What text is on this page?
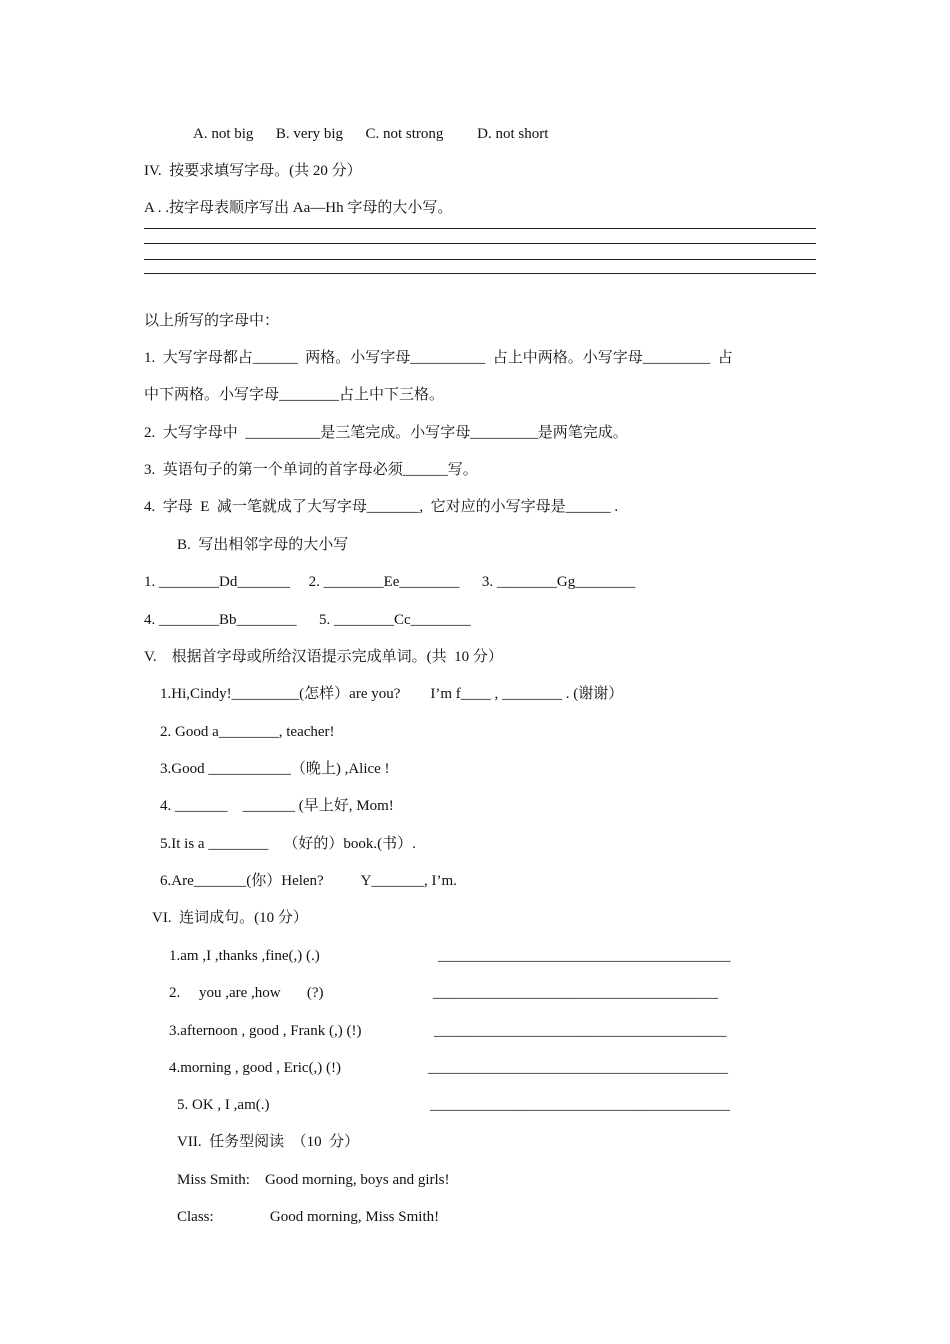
A. not big      B. very big      C. not strong         D. not short
IV.  按要求填写字母。(共 20 分）
A . .按字母表顺序写出 Aa—Hh 字母的大小写。
以上所写的字母中：
1.  大写字母都占______  两格。小写字母__________  占上中两格。小写字母_________  占
中下两格。小写字母________占上中下三格。
2.  大写字母中  __________是三笔完成。小写字母_________是两笔完成。
3.  英语句子的第一个单词的首字母必须______写。
4.  字母  E  减一笔就成了大写字母_______,  它对应的小写字母是______ .
B.  写出相邻字母的大小写
1. ________Dd_______     2. ________Ee________      3. ________Gg________
4. ________Bb________      5. ________Cc________
V.    根据首字母或所给汉语提示完成单词。(共  10 分）
1.Hi,Cindy!_________(怎样）are you?        I’m f____ , ________ . (谢谢）
2. Good a________, teacher!
3.Good ___________（晚上) ,Alice !
4. _______    _______ (早上好, Mom!
5.It is a ________    （好的）book.(书）.
6.Are_______(你）Helen?          Y_______, I’m.
VI.  连词成句。(10 分）
1.am ,I ,thanks ,fine(,) (.)	_______________________________________
2.     you ,are ,how       (?)	______________________________________
3.afternoon , good , Frank (,) (!)	_______________________________________
4.morning , good , Eric(,) (!)	________________________________________
5. OK , I ,am(.)	________________________________________
VII.  任务型阅读  （10  分）
Miss Smith:    Good morning, boys and girls!
Class:               Good morning, Miss Smith!
